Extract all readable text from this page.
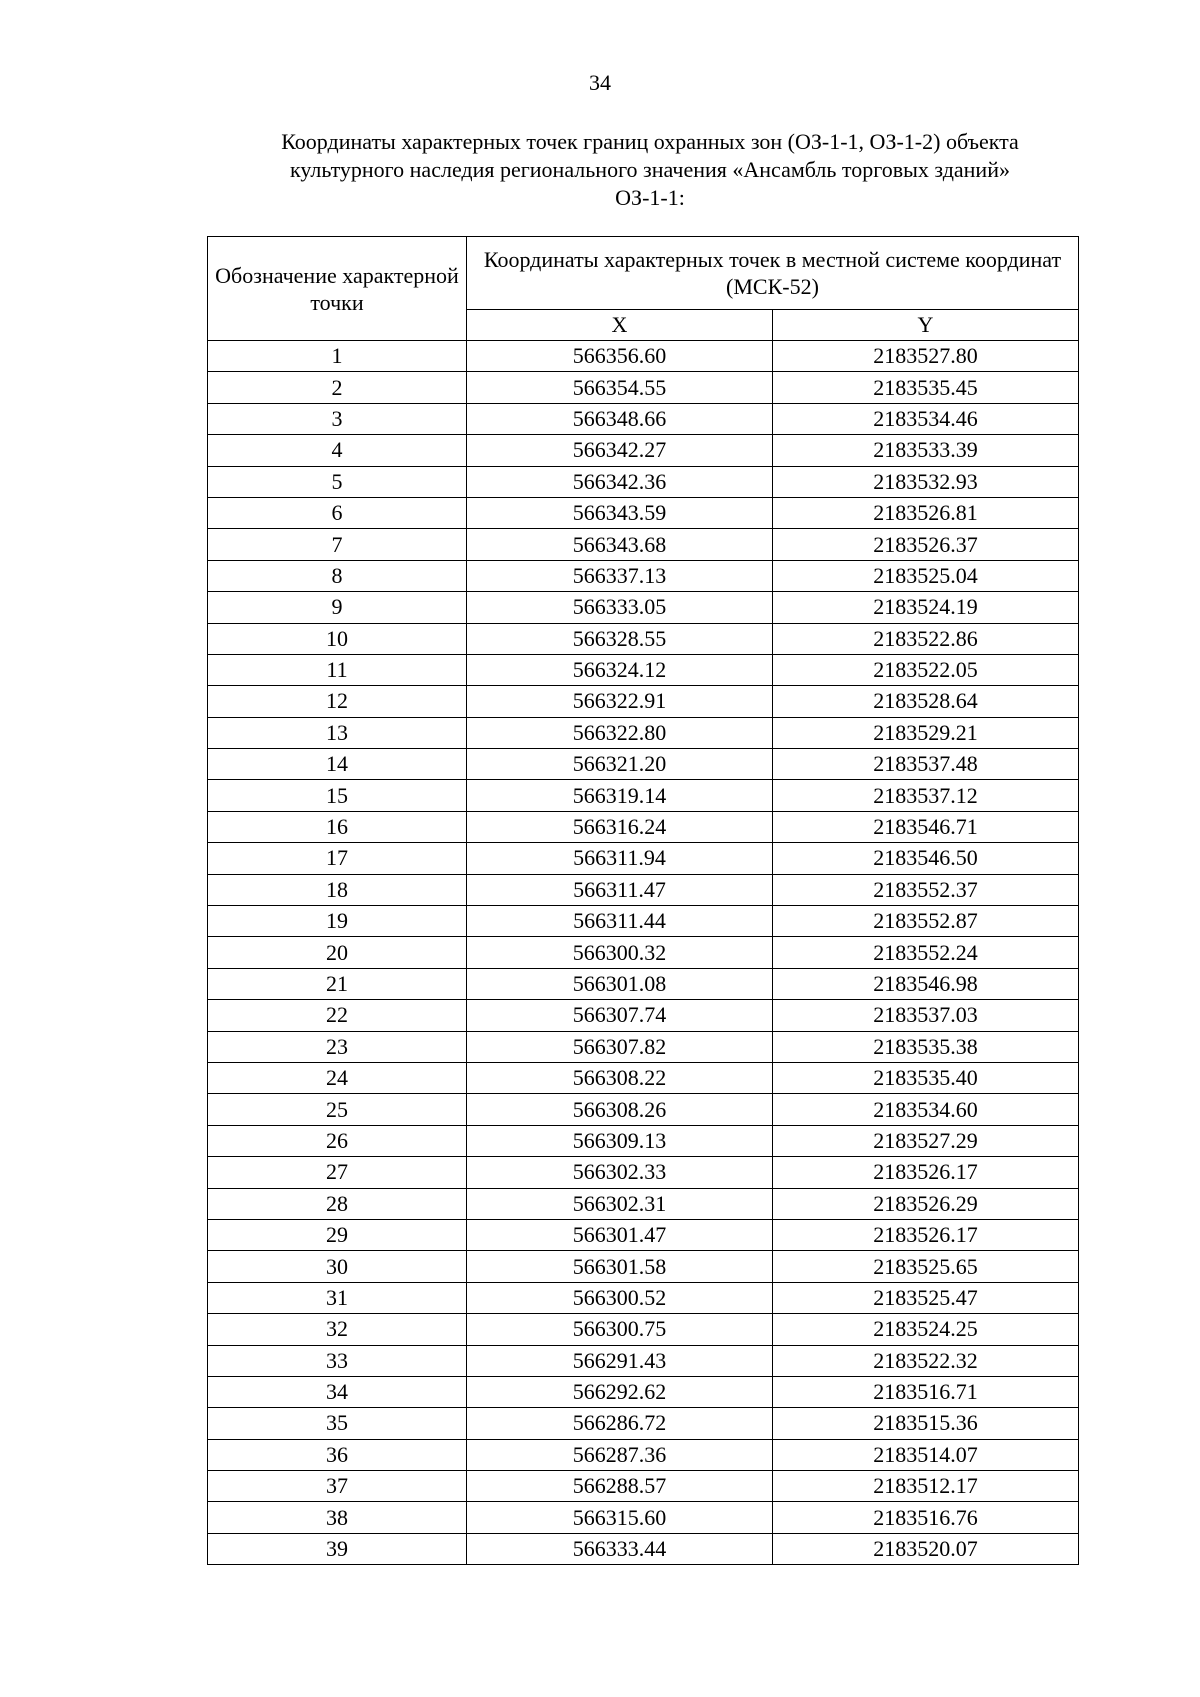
34
Координаты характерных точек границ охранных зон (ОЗ-1-1, ОЗ-1-2) объекта
культурного наследия регионального значения «Ансамбль торговых зданий»
ОЗ-1-1:
Обозначение характерной точки	Координаты характерных точек в местной системе координат (МСК-52)	
	X	Y
1	566356.60	2183527.80
2	566354.55	2183535.45
3	566348.66	2183534.46
4	566342.27	2183533.39
5	566342.36	2183532.93
6	566343.59	2183526.81
7	566343.68	2183526.37
8	566337.13	2183525.04
9	566333.05	2183524.19
10	566328.55	2183522.86
11	566324.12	2183522.05
12	566322.91	2183528.64
13	566322.80	2183529.21
14	566321.20	2183537.48
15	566319.14	2183537.12
16	566316.24	2183546.71
17	566311.94	2183546.50
18	566311.47	2183552.37
19	566311.44	2183552.87
20	566300.32	2183552.24
21	566301.08	2183546.98
22	566307.74	2183537.03
23	566307.82	2183535.38
24	566308.22	2183535.40
25	566308.26	2183534.60
26	566309.13	2183527.29
27	566302.33	2183526.17
28	566302.31	2183526.29
29	566301.47	2183526.17
30	566301.58	2183525.65
31	566300.52	2183525.47
32	566300.75	2183524.25
33	566291.43	2183522.32
34	566292.62	2183516.71
35	566286.72	2183515.36
36	566287.36	2183514.07
37	566288.57	2183512.17
38	566315.60	2183516.76
39	566333.44	2183520.07
